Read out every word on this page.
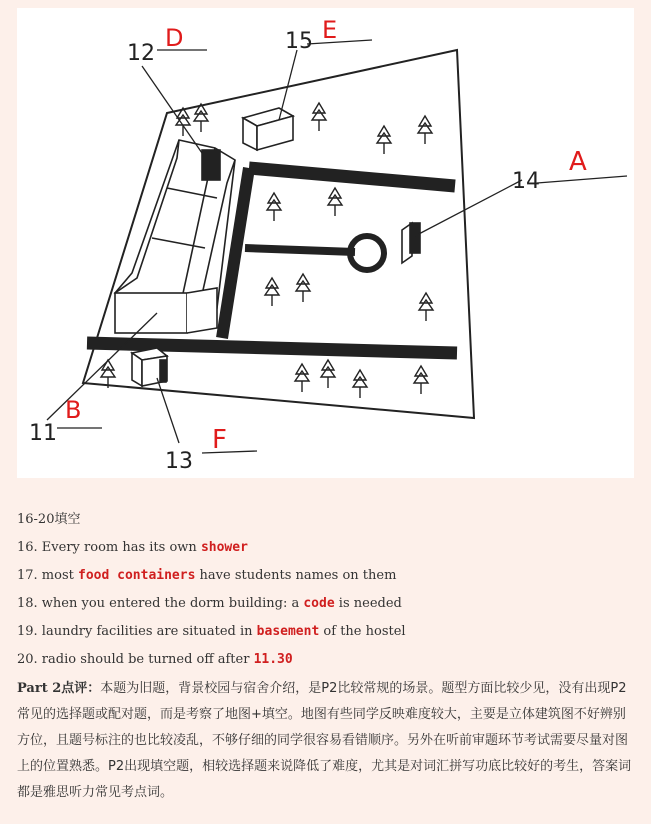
12
D	15 E
14
A
11
B
13
F

16-20填空

16. Every room has its own shower

17. most food containers have students names on them

18. when you entered the dorm building: a code is needed

19. laundry facilities are situated in basement of the hostel

20. radio should be turned off after 11.30

Part 2点评：本题为旧题，背景校园与宿舍介绍，是P2比较常规的场景。题型方面比较少见，没有出现P2常见的选择题或配对题，而是考察了地图+填空。地图有些同学反映难度较大，主要是立体建筑图不好辨别方位，且题号标注的也比较凌乱，不够仔细的同学很容易看错顺序。另外在听前审题环节考试需要尽量对图上的位置熟悉。P2出现填空题，相较选择题来说降低了难度，尤其是对词汇拼写功底比较好的考生，答案词都是雅思听力常见考点词。
